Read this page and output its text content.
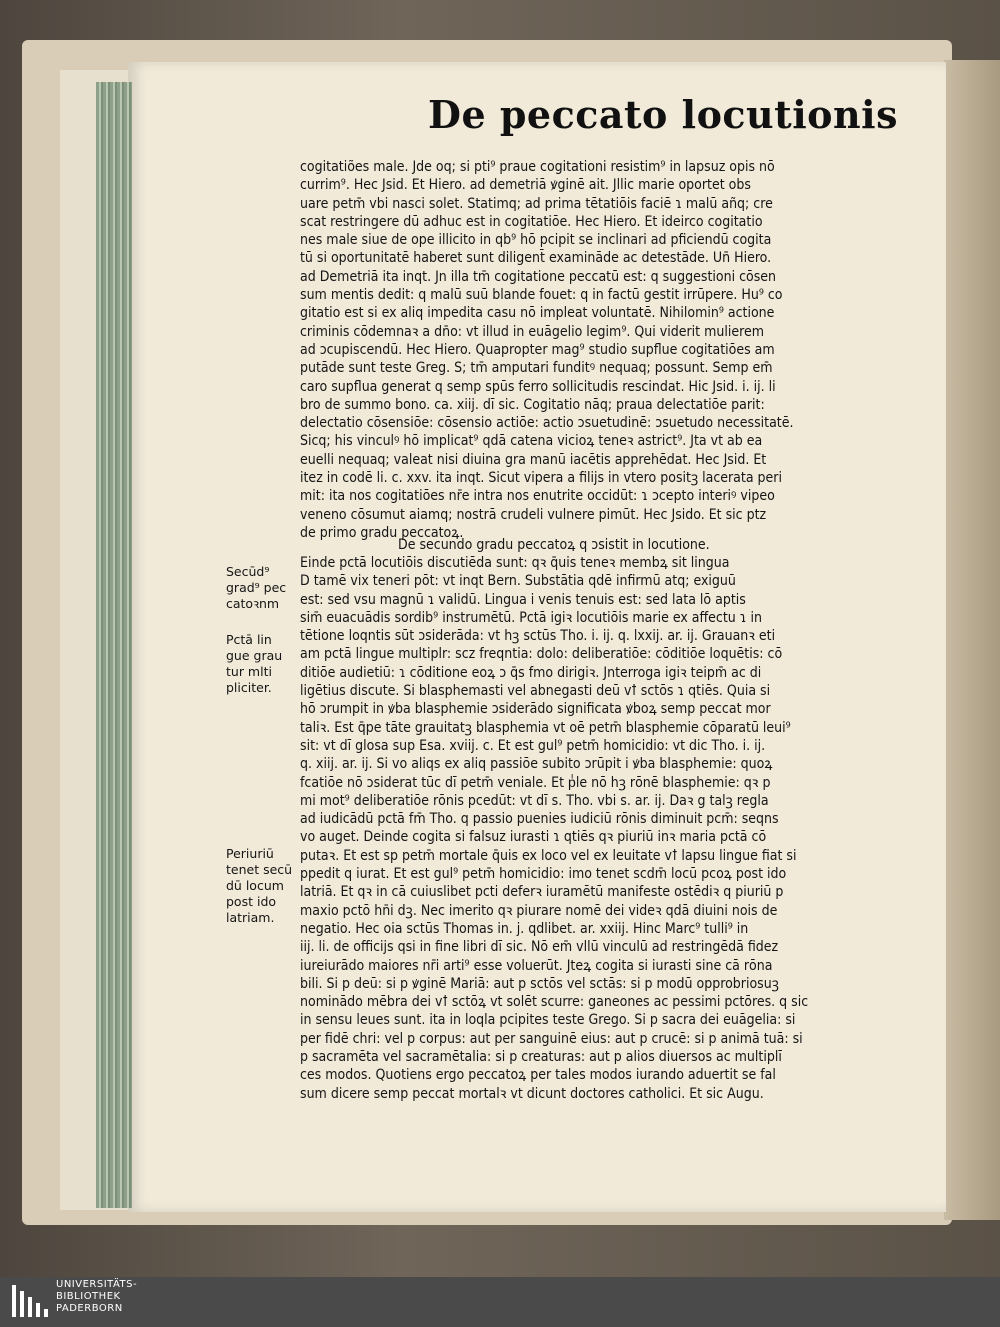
De peccato locutionis
cogitatiões male. Jde oq; si pti⁹ praue cogitationi resistim⁹ in lapsuz opis nō
currim⁹. Hec Jsid. Et Hiero. ad demetriā ꝟginē ait. Jllic marie oportet obs
uare petm̄ vbi nasci solet. Statimq; ad prima tētatiōis faciē ɿ malū añq; cre
scat restringere dū adhuc est in cogitatiōe. Hec Hiero. Et ideirco cogitatio
nes male siue de ope illicito in qb⁹ hō pcipit se inclinari ad pficiendū cogita
tū si oportunitatē haberet sunt diligent̄ examināde ac detestāde. Un̄ Hiero.
ad Demetriā ita inqt. Jn illa tm̄ cogitatione peccatū est: q suggestioni cōsen
sum mentis dedit: q malū suū blande fouet: q in factū gestit irrūpere. Hu⁹ co
gitatio est si ex aliq impedita casu nō impleat voluntatē. Nihilomin⁹ actione
criminis cōdemnaꝛ a dn̄o: vt illud in euāgelio legim⁹. Qui viderit mulierem
ad ɔcupiscendū. Hec Hiero. Quapropter mag⁹ studio supflue cogitatiōes am
putāde sunt teste Greg. S; tm̄ amputari funditꝰ nequaq; possunt. Semp em̄
caro supflua generat q semp spūs ferro sollicitudis rescindat. Hic Jsid. i. ij. li
bro de summo bono. ca. xiij. dī sic. Cogitatio nāq; praua delectatiōe parit:
delectatio cōsensiōe: cōsensio actiōe: actio ɔsuetudinē: ɔsuetudo necessitatē.
Sicq; his vinculꝰ hō implicat⁹ qdā catena vicioꝝ teneꝛ astrict⁹. Jta vt ab ea
euelli nequaq; valeat nisi diuina gra manū iacētis apprehēdat. Hec Jsid. Et
itez in codē li. c. xxv. ita inqt. Sicut vipera a filijs in vtero positꝫ lacerata peri
mit: ita nos cogitatiōes nr̄e intra nos enutrite occidūt: ɿ ɔcepto interiꝰ vipeo
veneno cōsumut aiamq; nostrā crudeli vulnere pimūt. Hec Jsido. Et sic ptz
de primo gradu peccatoꝝ.
De secundo gradu peccatoꝝ q ɔsistit in locutione.
Einde pctā locutiōis discutiēda sunt: qꝛ q̄uis teneꝛ membꝝ sit lingua
D tamē vix teneri pōt: vt inqt Bern. Substātia qdē infirmū atq; exiguū
est: sed vsu magnū ɿ validū. Lingua i venis tenuis est: sed lata lō aptis
sim̄ euacuādis sordib⁹ instrumētū. Pctā igiꝛ locutiōis marie ex affectu ɿ in
tētione loqntis sūt ɔsiderāda: vt hꝫ sctūs Tho. i. ij. q. lxxij. ar. ij. Grauanꝛ eti
am pctā lingue multiplr: scz freqntia: dolo: deliberatiōe: cōditiōe loquētis: cō
ditiōe audietiū: ɿ cōditione eoꝝ ɔ q̄s fmo dirigiꝛ. Jnterroga igiꝛ teipm̄ ac di
ligētius discute. Si blasphemasti vel abnegasti deū vꝉ sctōs ɿ qtiēs. Quia si
hō ɔrumpit in ꝟba blasphemie ɔsiderādo significata ꝟboꝝ semp peccat mor
taliꝛ. Est q̄pe tāte grauitatꝫ blasphemia vt oē petm̄ blasphemie cōparatū leui⁹
sit: vt dī glosa sup Esa. xviij. c. Et est gul⁹ petm̄ homicidio: vt dic Tho. i. ij.
q. xiij. ar. ij. Si vo aliqs ex aliq passiōe subito ɔrūpit i ꝟba blasphemie: quoꝝ
fcatiōe nō ɔsiderat tūc dī petm̄ veniale. Et pͥle nō hꝫ rōnē blasphemie: qꝛ p
mi mot⁹ deliberatiōe rōnis pcedūt: vt dī s. Tho. vbi s. ar. ij. Daꝛ g talꝫ regla
ad iudicādū pctā fm̄ Tho. q passio puenies iudiciū rōnis diminuit pcm̄: seqns
vo auget. Deinde cogita si falsuz iurasti ɿ qtiēs qꝛ piuriū inꝛ maria pctā cō
putaꝛ. Et est sp petm̄ mortale q̄uis ex loco vel ex leuitate vꝉ lapsu lingue fiat si
ppedit q iurat. Et est gul⁹ petm̄ homicidio: imo tenet scdm̄ locū pcoꝝ post ido
latriā. Et qꝛ in cā cuiuslibet pcti deferꝛ iuramētū manifeste ostēdiꝛ q piuriū p
maxio pctō hn̄i dꝫ. Nec imerito qꝛ piurare nomē dei videꝛ qdā diuini nois de
negatio. Hec oia sctūs Thomas in. j. qdlibet. ar. xxiij. Hinc Marc⁹ tulli⁹ in
iij. li. de officijs qsi in fine libri dī sic. Nō em̄ vllū vinculū ad restringēdā fidez
iureiurādo maiores nr̄i arti⁹ esse voluerūt. Jteꝝ cogita si iurasti sine cā rōna
bili. Si p deū: si p ꝟginē Mariā: aut p sctōs vel sctās: si p modū opprobriosuꝫ
nominādo mēbra dei vꝉ sctōꝝ vt solēt scurre: ganeones ac pessimi pctōres. q sic
in sensu leues sunt. ita in loqla pcipites teste Grego. Si p sacra dei euāgelia: si
per fidē chri: vel p corpus: aut per sanguinē eius: aut p crucē: si p animā tuā: si
p sacramēta vel sacramētalia: si p creaturas: aut p alios diuersos ac multiplī
ces modos. Quotiens ergo peccatoꝝ per tales modos iurando aduertit se fal
sum dicere semp peccat mortalꝛ vt dicunt doctores catholici. Et sic Augu.
Secūd⁹
grad⁹ pec
catoꝛnm
Pctā lin
gue grau
tur mlti
pliciter.
Periuriū
tenet secū
dū locum
post ido
latriam.
UNIVERSITÄTS-
BIBLIOTHEK
PADERBORN
